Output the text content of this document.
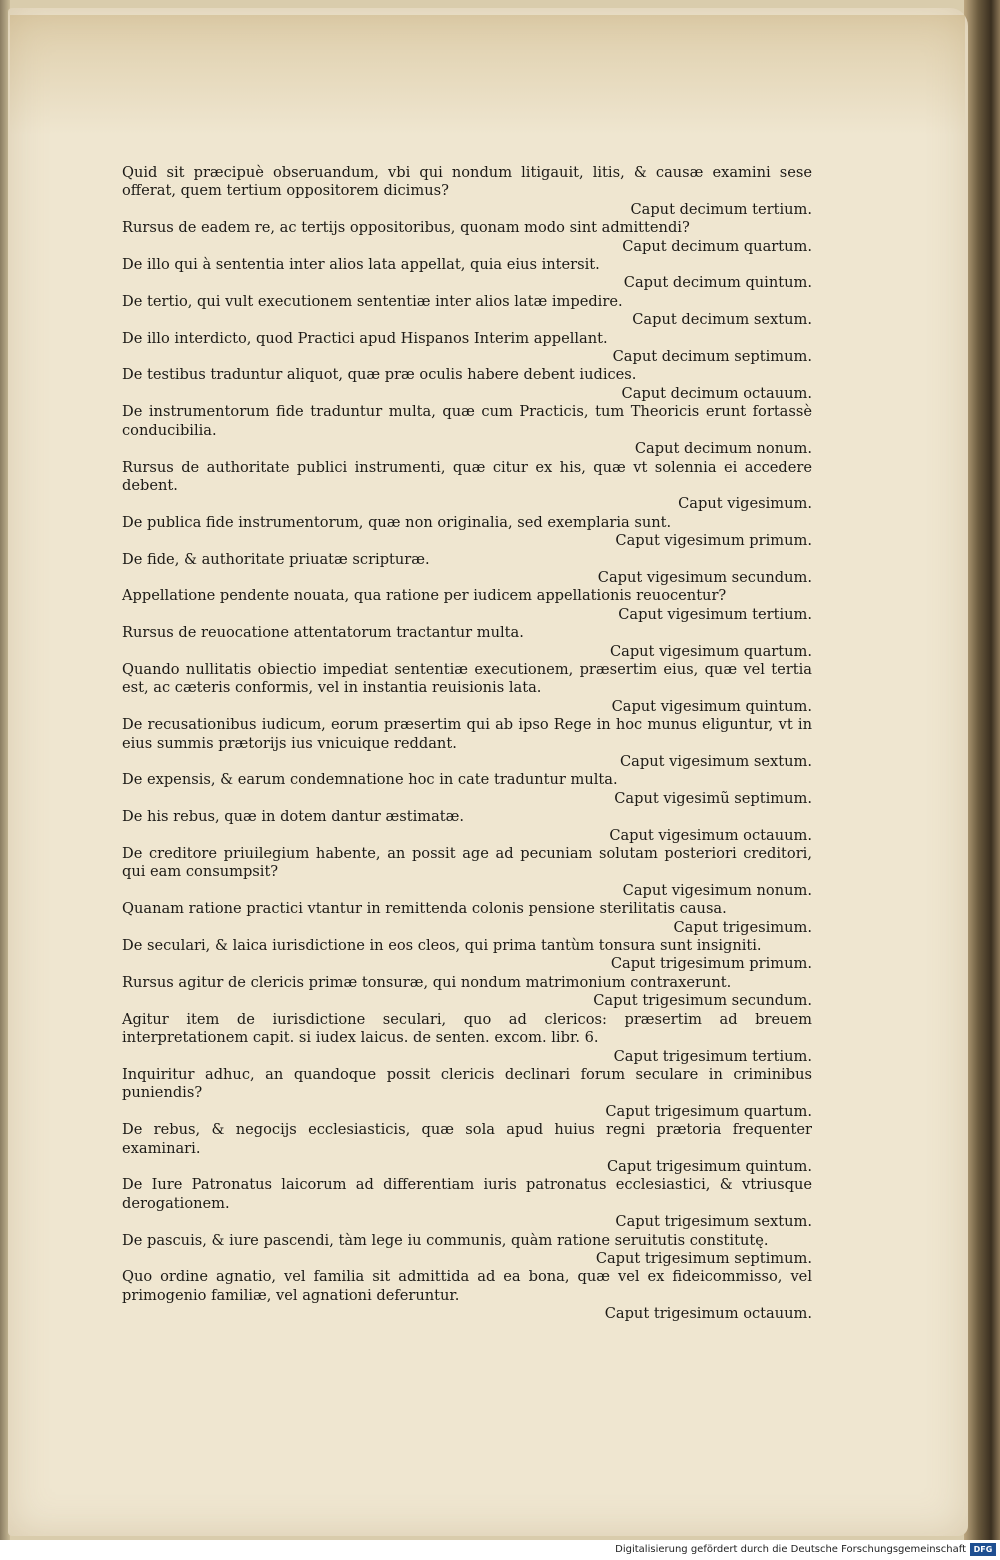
Quid sit præcipuè obseruandum, vbi qui nondum litigauit, litis, & causæ examini sese offerat, quem tertium oppositorem dicimus?
Caput decimum tertium.

Rursus de eadem re, ac tertijs oppositoribus, quonam modo sint admittendi?
Caput decimum quartum.

De illo qui à sententia inter alios lata appellat, quia eius intersit.
Caput decimum quintum.

De tertio, qui vult executionem sententiæ inter alios latæ impedire.
Caput decimum sextum.

De illo interdicto, quod Practici apud Hispanos Interim appellant.
Caput decimum septimum.

De testibus traduntur aliquot, quæ præ oculis habere debent iudices.
Caput decimum octauum.

De instrumentorum fide traduntur multa, quæ cum Practicis, tum Theoricis erunt fortassè conducibilia.
Caput decimum nonum.

Rursus de authoritate publici instrumenti, quæ citur ex his, quæ vt solennia ei accedere debent.
Caput vigesimum.

De publica fide instrumentorum, quæ non originalia, sed exemplaria sunt.
Caput vigesimum primum.

De fide, & authoritate priuatæ scripturæ.
Caput vigesimum secundum.

Appellatione pendente nouata, qua ratione per iudicem appellationis reuocentur?
Caput vigesimum tertium.

Rursus de reuocatione attentatorum tractantur multa.
Caput vigesimum quartum.

Quando nullitatis obiectio impediat sententiæ executionem, præsertim eius, quæ vel tertia est, ac cæteris conformis, vel in instantia reuisionis lata.
Caput vigesimum quintum.

De recusationibus iudicum, eorum præsertim qui ab ipso Rege in hoc munus eliguntur, vt in eius summis prætorijs ius vnicuique reddant.
Caput vigesimum sextum.

De expensis, & earum condemnatione hoc in cate traduntur multa.
Caput vigesimũ septimum.

De his rebus, quæ in dotem dantur æstimatæ.
Caput vigesimum octauum.

De creditore priuilegium habente, an possit age ad pecuniam solutam posteriori creditori, qui eam consumpsit?
Caput vigesimum nonum.

Quanam ratione practici vtantur in remittenda colonis pensione sterilitatis causa.
Caput trigesimum.

De seculari, & laica iurisdictione in eos cleos, qui prima tantùm tonsura sunt insigniti.
Caput trigesimum primum.

Rursus agitur de clericis primæ tonsuræ, qui nondum matrimonium contraxerunt.
Caput trigesimum secundum.

Agitur item de iurisdictione seculari, quo ad clericos: præsertim ad breuem interpretationem capit. si iudex laicus. de senten. excom. libr. 6.
Caput trigesimum tertium.

Inquiritur adhuc, an quandoque possit clericis declinari forum seculare in criminibus puniendis?
Caput trigesimum quartum.

De rebus, & negocijs ecclesiasticis, quæ sola apud huius regni prætoria frequenter examinari.
Caput trigesimum quintum.

De Iure Patronatus laicorum ad differentiam iuris patronatus ecclesiastici, & vtriusque derogationem.
Caput trigesimum sextum.

De pascuis, & iure pascendi, tàm lege iu communis, quàm ratione seruitutis constitutę.
Caput trigesimum septimum.

Quo ordine agnatio, vel familia sit admittida ad ea bona, quæ vel ex fideicommisso, vel primogenio familiæ, vel agnationi deferuntur.
Caput trigesimum octauum.

Digitalisierung gefördert durch die Deutsche Forschungsgemeinschaft DFG
